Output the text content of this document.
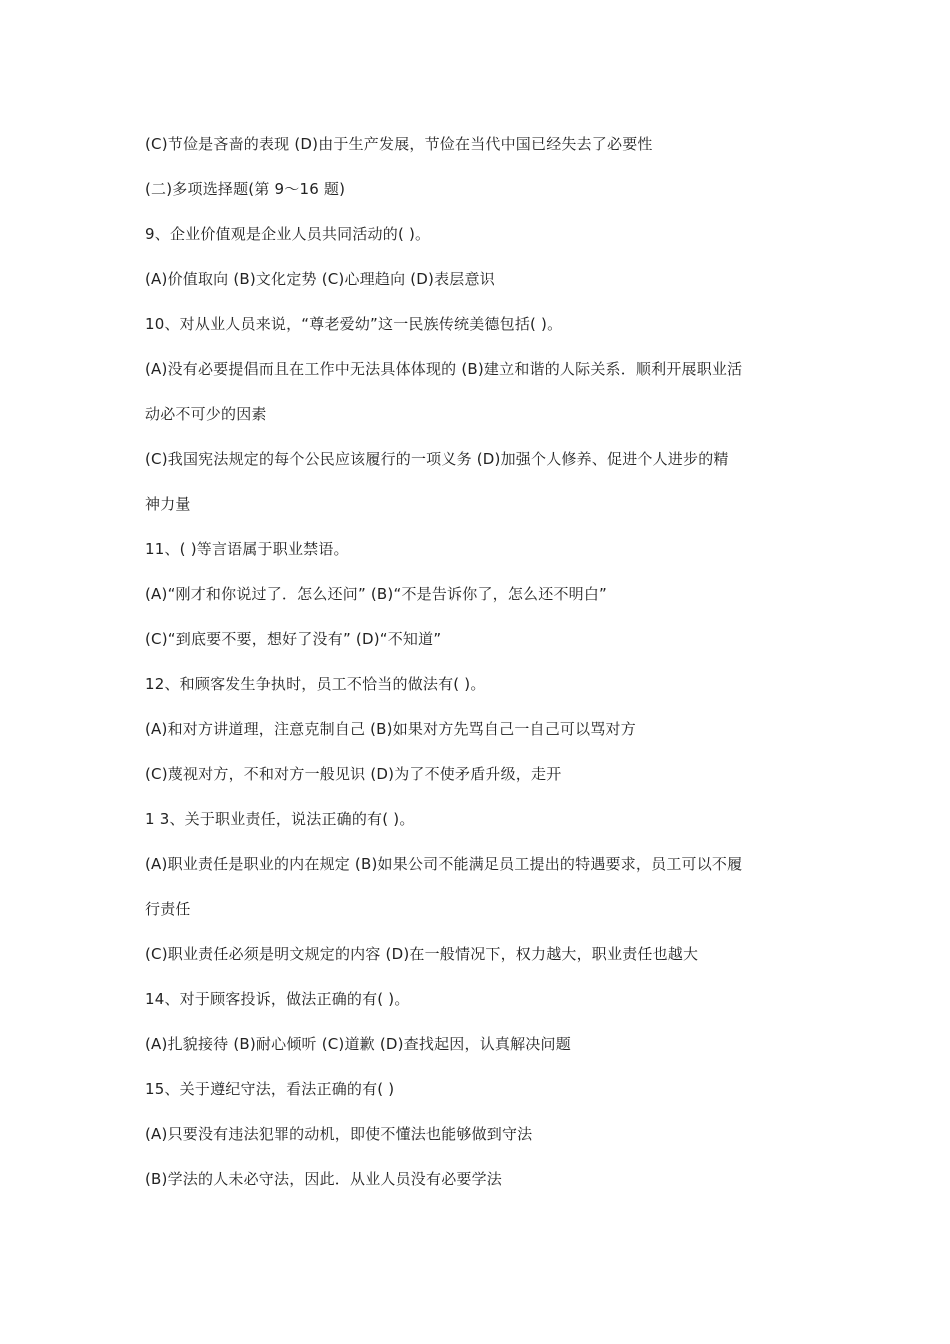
(C)节俭是吝啬的表现 (D)由于生产发展，节俭在当代中国已经失去了必要性
(二)多项选择题(第 9～16 题)
9、企业价值观是企业人员共同活动的( )。
(A)价值取向 (B)文化定势 (C)心理趋向 (D)表层意识
10、对从业人员来说，“尊老爱幼”这一民族传统美德包括( )。
(A)没有必要提倡而且在工作中无法具体体现的 (B)建立和谐的人际关系．顺利开展职业活
动必不可少的因素
(C)我国宪法规定的每个公民应该履行的一项义务 (D)加强个人修养、促进个人进步的精
神力量
11、( )等言语属于职业禁语。
(A)“刚才和你说过了．怎么还问” (B)“不是告诉你了，怎么还不明白”
(C)“到底要不要，想好了没有” (D)“不知道”
12、和顾客发生争执时，员工不恰当的做法有( )。
(A)和对方讲道理，注意克制自己 (B)如果对方先骂自己一自己可以骂对方
(C)蔑视对方，不和对方一般见识 (D)为了不使矛盾升级，走开
1 3、关于职业责任，说法正确的有( )。
(A)职业责任是职业的内在规定 (B)如果公司不能满足员工提出的特遇要求，员工可以不履
行责任
(C)职业责任必须是明文规定的内容 (D)在一般情况下，权力越大，职业责任也越大
14、对于顾客投诉，做法正确的有( )。
(A)扎貌接待 (B)耐心倾听 (C)道歉 (D)查找起因，认真解决问题
15、关于遵纪守法，看法正确的有( )
(A)只要没有违法犯罪的动机，即使不懂法也能够做到守法
(B)学法的人未必守法，因此．从业人员没有必要学法
